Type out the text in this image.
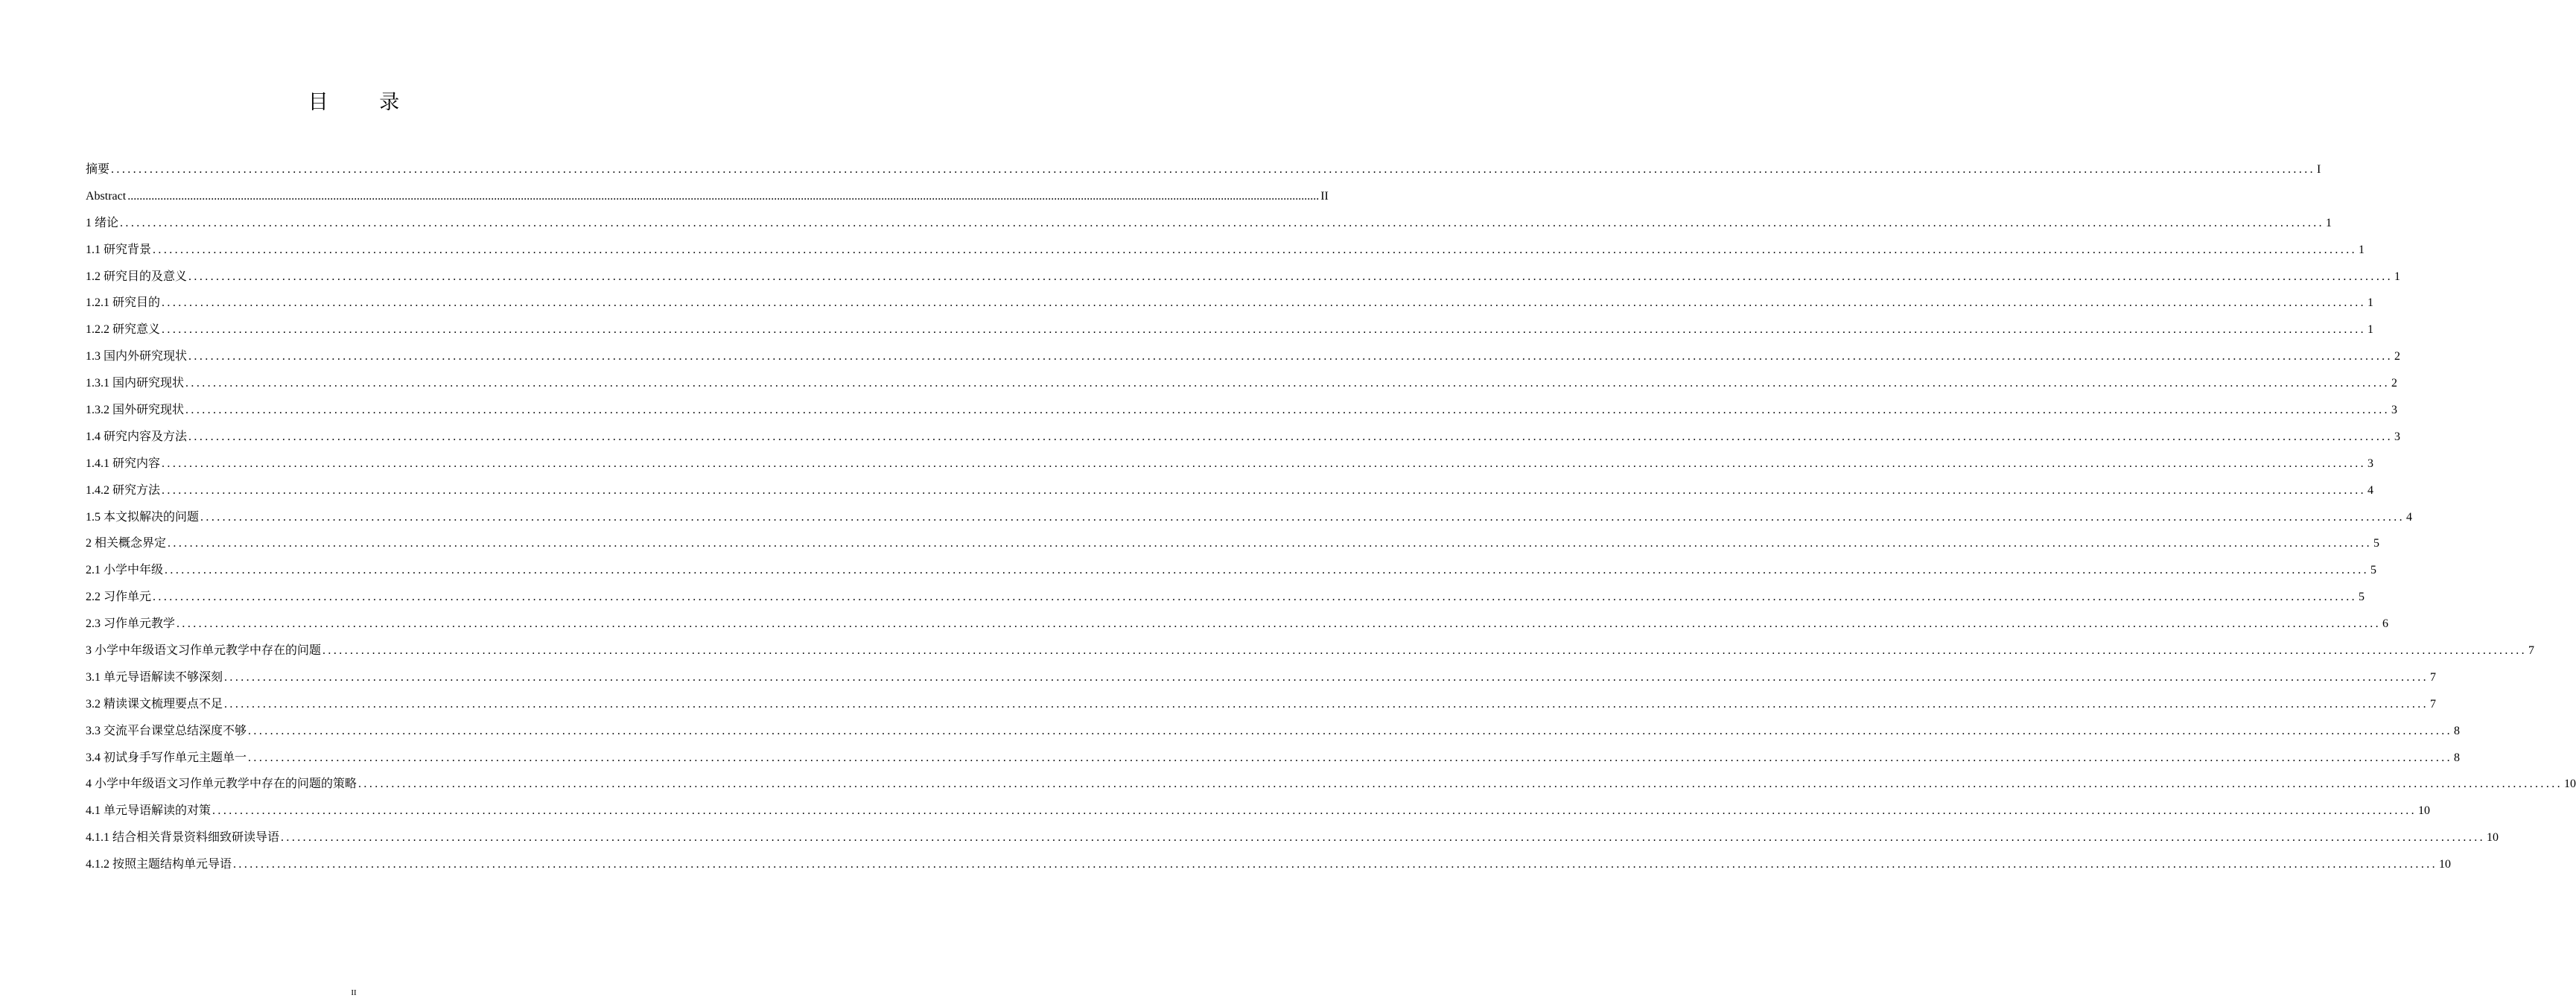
目 录
摘要 ................................................................................................................................................................................................................................................................................................................................................................................................................ I
Abstract ................................................................................................................................................................................................................................................................................................................................................................................................................ II
1 绪论 ................................................................................................................................................................................................................................................................................................................................................................................................................ 1
1.1 研究背景 ................................................................................................................................................................................................................................................................................................................................................................................................................ 1
1.2 研究目的及意义 ................................................................................................................................................................................................................................................................................................................................................................................................................ 1
1.2.1 研究目的 ................................................................................................................................................................................................................................................................................................................................................................................................................ 1
1.2.2 研究意义 ................................................................................................................................................................................................................................................................................................................................................................................................................ 1
1.3 国内外研究现状 ................................................................................................................................................................................................................................................................................................................................................................................................................ 2
1.3.1 国内研究现状 ................................................................................................................................................................................................................................................................................................................................................................................................................ 2
1.3.2 国外研究现状 ................................................................................................................................................................................................................................................................................................................................................................................................................ 3
1.4 研究内容及方法 ................................................................................................................................................................................................................................................................................................................................................................................................................ 3
1.4.1 研究内容 ................................................................................................................................................................................................................................................................................................................................................................................................................ 3
1.4.2 研究方法 ................................................................................................................................................................................................................................................................................................................................................................................................................ 4
1.5 本文拟解决的问题 ................................................................................................................................................................................................................................................................................................................................................................................................................ 4
2 相关概念界定 ................................................................................................................................................................................................................................................................................................................................................................................................................ 5
2.1 小学中年级 ................................................................................................................................................................................................................................................................................................................................................................................................................ 5
2.2 习作单元 ................................................................................................................................................................................................................................................................................................................................................................................................................ 5
2.3 习作单元教学 ................................................................................................................................................................................................................................................................................................................................................................................................................ 6
3 小学中年级语文习作单元教学中存在的问题 ................................................................................................................................................................................................................................................................................................................................................................................................................ 7
3.1 单元导语解读不够深刻 ................................................................................................................................................................................................................................................................................................................................................................................................................ 7
3.2 精读课文梳理要点不足 ................................................................................................................................................................................................................................................................................................................................................................................................................ 7
3.3 交流平台课堂总结深度不够 ................................................................................................................................................................................................................................................................................................................................................................................................................ 8
3.4 初试身手写作单元主题单一 ................................................................................................................................................................................................................................................................................................................................................................................................................ 8
4 小学中年级语文习作单元教学中存在的问题的策略 ................................................................................................................................................................................................................................................................................................................................................................................................................ 10
4.1 单元导语解读的对策 ................................................................................................................................................................................................................................................................................................................................................................................................................ 10
4.1.1 结合相关背景资料细致研读导语 ................................................................................................................................................................................................................................................................................................................................................................................................................ 10
4.1.2 按照主题结构单元导语 ................................................................................................................................................................................................................................................................................................................................................................................................................ 10
II
